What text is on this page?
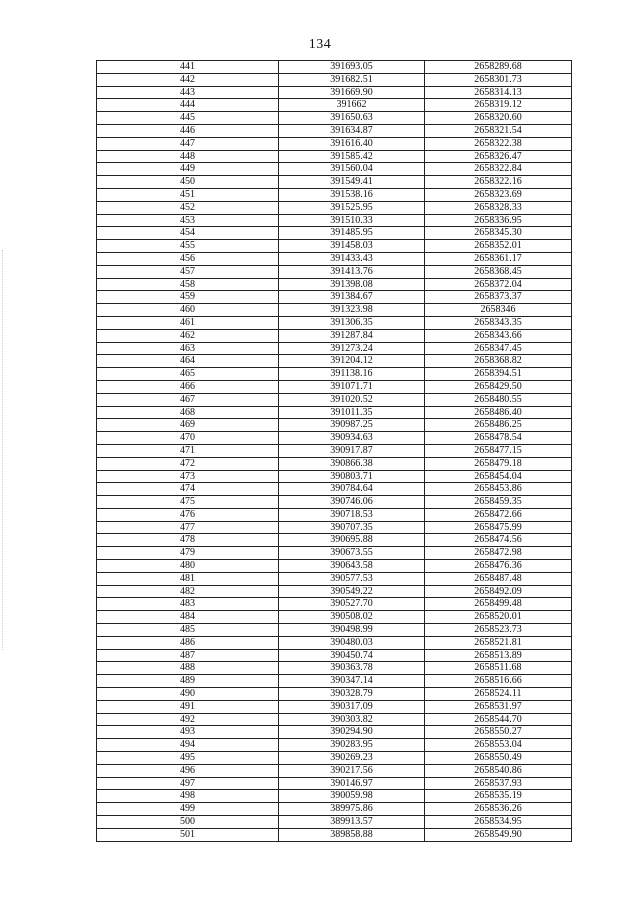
134
441	391693.05	2658289.68
442	391682.51	2658301.73
443	391669.90	2658314.13
444	391662	2658319.12
445	391650.63	2658320.60
446	391634.87	2658321.54
447	391616.40	2658322.38
448	391585.42	2658326.47
449	391560.04	2658322.84
450	391549.41	2658322.16
451	391538.16	2658323.69
452	391525.95	2658328.33
453	391510.33	2658336.95
454	391485.95	2658345.30
455	391458.03	2658352.01
456	391433.43	2658361.17
457	391413.76	2658368.45
458	391398.08	2658372.04
459	391384.67	2658373.37
460	391323.98	2658346
461	391306.35	2658343.35
462	391287.84	2658343.66
463	391273.24	2658347.45
464	391204.12	2658368.82
465	391138.16	2658394.51
466	391071.71	2658429.50
467	391020.52	2658480.55
468	391011.35	2658486.40
469	390987.25	2658486.25
470	390934.63	2658478.54
471	390917.87	2658477.15
472	390866.38	2658479.18
473	390803.71	2658454.04
474	390784.64	2658453.86
475	390746.06	2658459.35
476	390718.53	2658472.66
477	390707.35	2658475.99
478	390695.88	2658474.56
479	390673.55	2658472.98
480	390643.58	2658476.36
481	390577.53	2658487.48
482	390549.22	2658492.09
483	390527.70	2658499.48
484	390508.02	2658520.01
485	390498.99	2658523.73
486	390480.03	2658521.81
487	390450.74	2658513.89
488	390363.78	2658511.68
489	390347.14	2658516.66
490	390328.79	2658524.11
491	390317.09	2658531.97
492	390303.82	2658544.70
493	390294.90	2658550.27
494	390283.95	2658553.04
495	390269.23	2658550.49
496	390217.56	2658540.86
497	390146.97	2658537.93
498	390059.98	2658535.19
499	389975.86	2658536.26
500	389913.57	2658534.95
501	389858.88	2658549.90
